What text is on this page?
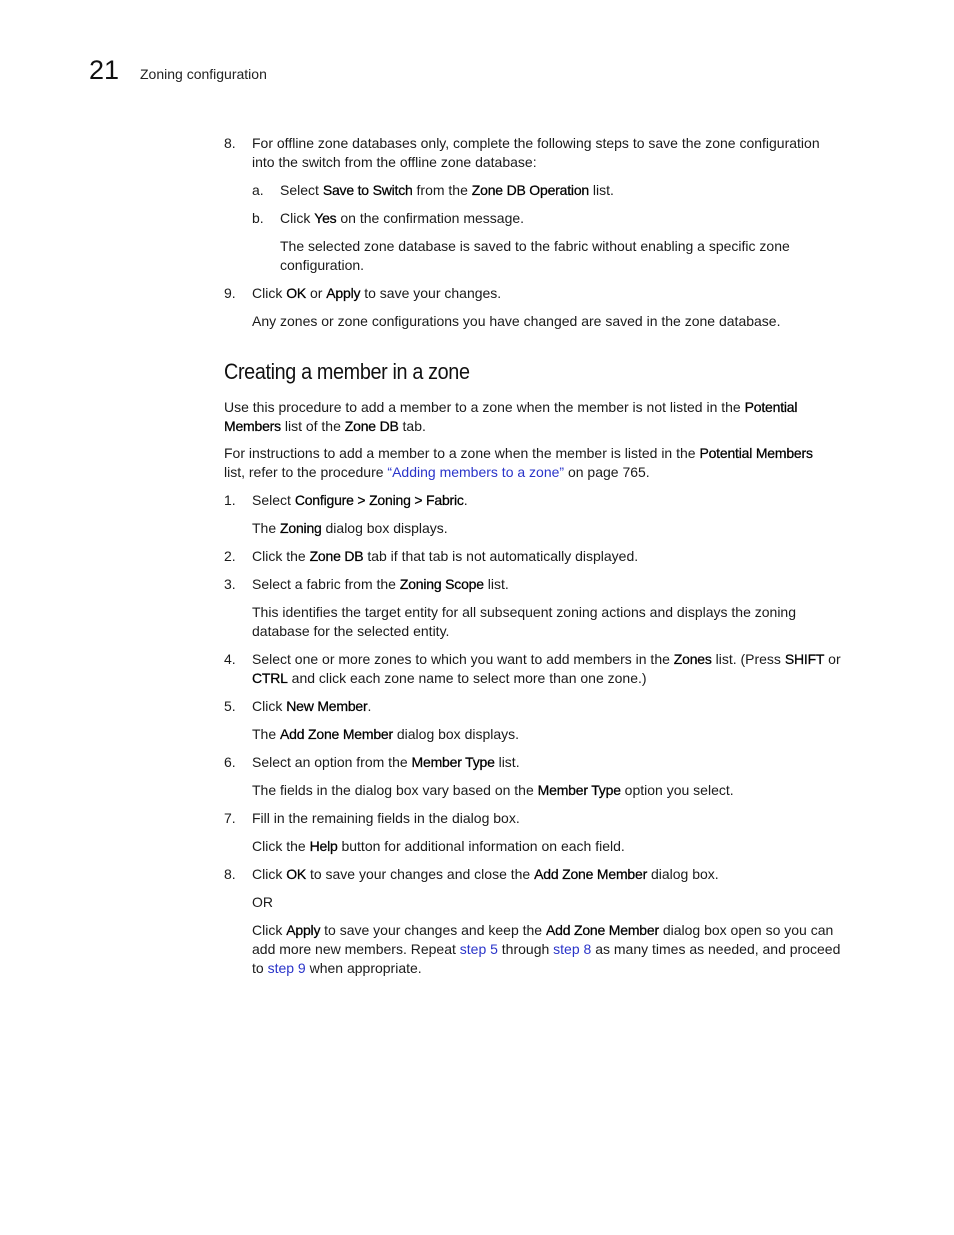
21 Zoning configuration
8. For offline zone databases only, complete the following steps to save the zone configuration
into the switch from the offline zone database:
a. Select Save to Switch from the Zone DB Operation list.
b. Click Yes on the confirmation message.
The selected zone database is saved to the fabric without enabling a specific zone
configuration.
9. Click OK or Apply to save your changes.
Any zones or zone configurations you have changed are saved in the zone database.
Creating a member in a zone
Use this procedure to add a member to a zone when the member is not listed in the Potential
Members list of the Zone DB tab.
For instructions to add a member to a zone when the member is listed in the Potential Members
list, refer to the procedure “Adding members to a zone” on page 765.
1. Select Configure > Zoning > Fabric.
The Zoning dialog box displays.
2. Click the Zone DB tab if that tab is not automatically displayed.
3. Select a fabric from the Zoning Scope list.
This identifies the target entity for all subsequent zoning actions and displays the zoning
database for the selected entity.
4. Select one or more zones to which you want to add members in the Zones list. (Press SHIFT or
CTRL and click each zone name to select more than one zone.)
5. Click New Member.
The Add Zone Member dialog box displays.
6. Select an option from the Member Type list.
The fields in the dialog box vary based on the Member Type option you select.
7. Fill in the remaining fields in the dialog box.
Click the Help button for additional information on each field.
8. Click OK to save your changes and close the Add Zone Member dialog box.
OR
Click Apply to save your changes and keep the Add Zone Member dialog box open so you can
add more new members. Repeat step 5 through step 8 as many times as needed, and proceed
to step 9 when appropriate.
